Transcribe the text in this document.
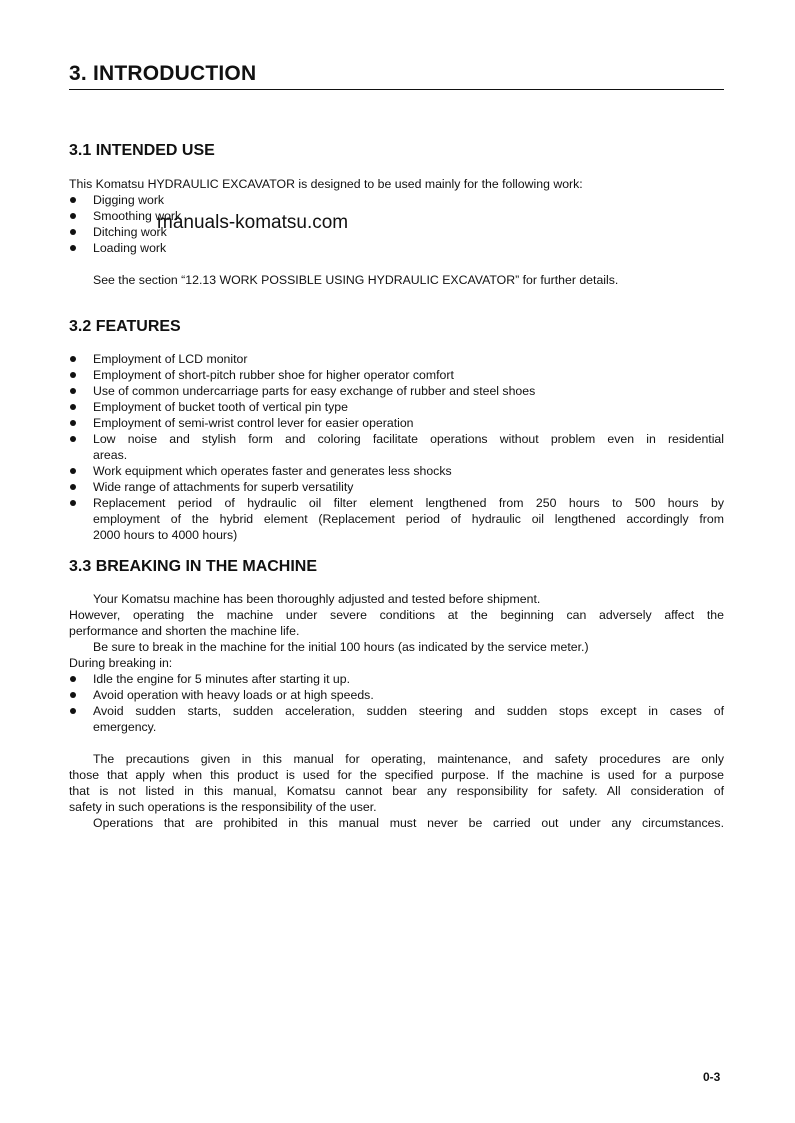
3. INTRODUCTION
3.1 INTENDED USE
This Komatsu HYDRAULIC EXCAVATOR is designed to be used mainly for the following work:
Digging work
Smoothing work
Ditching work
Loading work
See the section “12.13 WORK POSSIBLE USING HYDRAULIC EXCAVATOR” for further details.
manuals-komatsu.com
3.2 FEATURES
Employment of LCD monitor
Employment of short-pitch rubber shoe for higher operator comfort
Use of common undercarriage parts for easy exchange of rubber and steel shoes
Employment of bucket tooth of vertical pin type
Employment of semi-wrist control lever for easier operation
Low noise and stylish form and coloring facilitate operations without problem even in residential
areas.
Work equipment which operates faster and generates less shocks
Wide range of attachments for superb versatility
Replacement period of hydraulic oil filter element lengthened from 250 hours to 500 hours by
employment of the hybrid element (Replacement period of hydraulic oil lengthened accordingly from
2000 hours to 4000 hours)
3.3 BREAKING IN THE MACHINE
Your Komatsu machine has been thoroughly adjusted and tested before shipment.
However, operating the machine under severe conditions at the beginning can adversely affect the
performance and shorten the machine life.
Be sure to break in the machine for the initial 100 hours (as indicated by the service meter.)
During breaking in:
Idle the engine for 5 minutes after starting it up.
Avoid operation with heavy loads or at high speeds.
Avoid sudden starts, sudden acceleration, sudden steering and sudden stops except in cases of
emergency.
The precautions given in this manual for operating, maintenance, and safety procedures are only
those that apply when this product is used for the specified purpose. If the machine is used for a purpose
that is not listed in this manual, Komatsu cannot bear any responsibility for safety. All consideration of
safety in such operations is the responsibility of the user.
Operations that are prohibited in this manual must never be carried out under any circumstances.
0-3
